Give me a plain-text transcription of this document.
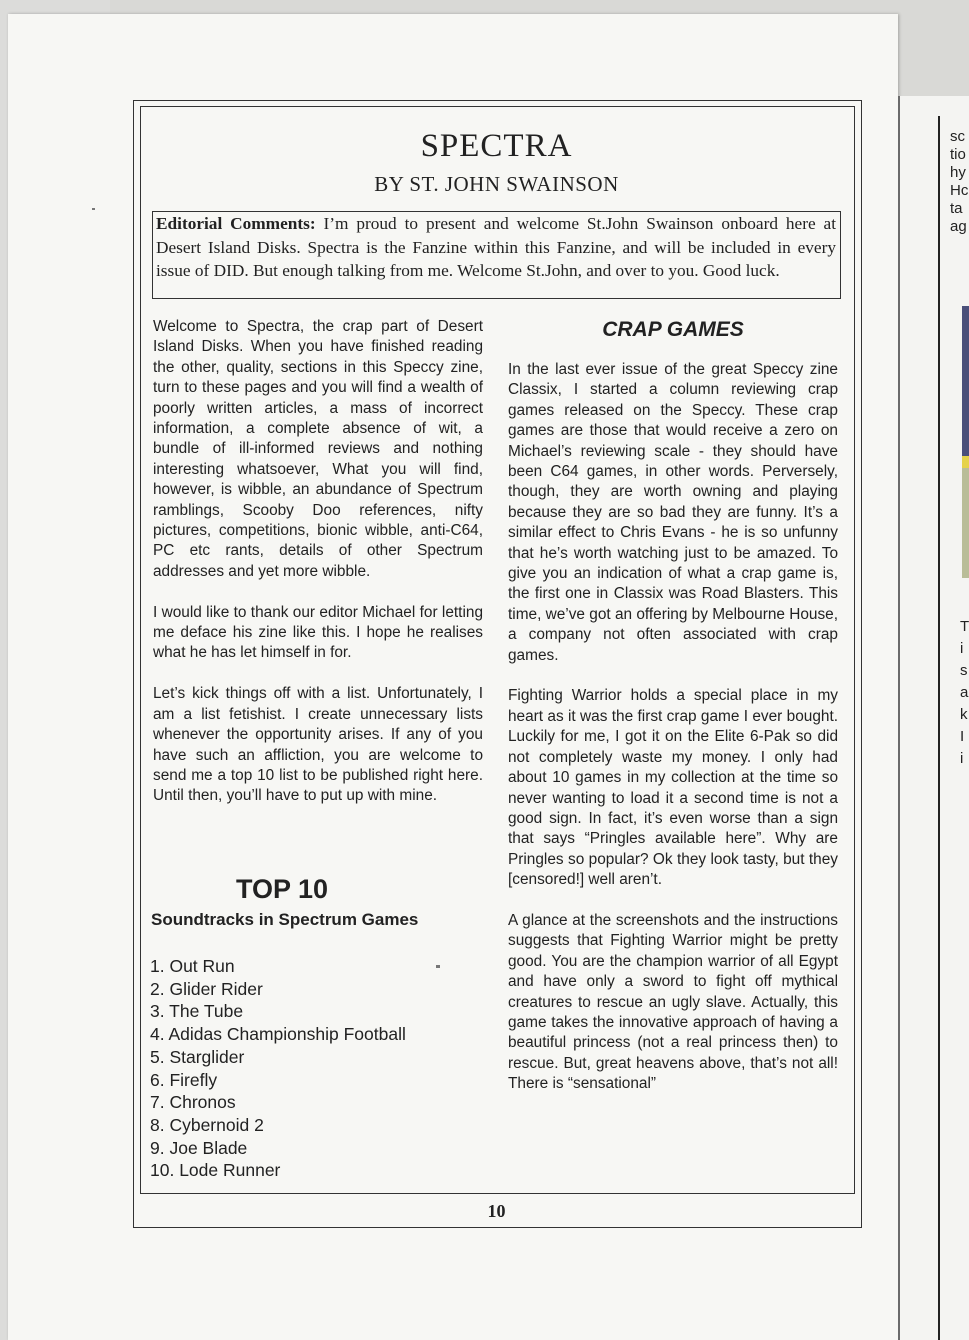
sc
tio
hy
Hc
ta
ag
T
i
s
a
k
I
i
SPECTRA
BY ST. JOHN SWAINSON
Editorial Comments: I’m proud to present and welcome St.John Swainson onboard here at Desert Island Disks. Spectra is the Fanzine within this Fanzine, and will be included in every issue of DID. But enough talking from me. Welcome St.John, and over to you. Good luck.

Welcome to Spectra, the crap part of Desert Island Disks. When you have finished reading the other, quality, sections in this Speccy zine, turn to these pages and you will find a wealth of poorly written articles, a mass of incorrect information, a complete absence of wit, a bundle of ill-informed reviews and nothing interesting whatsoever, What you will find, however, is wibble, an abundance of Spectrum ramblings, Scooby Doo references, nifty pictures, competitions, bionic wibble, anti-C64, PC etc rants, details of other Spectrum addresses and yet more wibble.

I would like to thank our editor Michael for letting me deface his zine like this. I hope he realises what he has let himself in for.

Let’s kick things off with a list. Unfortunately, I am a list fetishist. I create unnecessary lists whenever the opportunity arises. If any of you have such an affliction, you are welcome to send me a top 10 list to be published right here. Until then, you’ll have to put up with mine.

TOP 10
Soundtracks in Spectrum Games
1. Out Run
2. Glider Rider
3. The Tube
4. Adidas Championship Football
5. Starglider
6. Firefly
7. Chronos
8. Cybernoid 2
9. Joe Blade
10. Lode Runner
CRAP GAMES

In the last ever issue of the great Speccy zine Classix, I started a column reviewing crap games released on the Speccy. These crap games are those that would receive a zero on Michael’s reviewing scale - they should have been C64 games, in other words. Perversely, though, they are worth owning and playing because they are so bad they are funny. It’s a similar effect to Chris Evans - he is so unfunny that he’s worth watching just to be amazed. To give you an indication of what a crap game is, the first one in Classix was Road Blasters. This time, we’ve got an offering by Melbourne House, a company not often associated with crap games.

Fighting Warrior holds a special place in my heart as it was the first crap game I ever bought. Luckily for me, I got it on the Elite 6-Pak so did not completely waste my money. I only had about 10 games in my collection at the time so never wanting to load it a second time is not a good sign. In fact, it’s even worse than a sign that says “Pringles available here”. Why are Pringles so popular? Ok they look tasty, but they [censored!] well aren’t.

A glance at the screenshots and the instructions suggests that Fighting Warrior might be pretty good. You are the champion warrior of all Egypt and have only a sword to fight off mythical creatures to rescue an ugly slave. Actually, this game takes the innovative approach of having a beautiful princess (not a real princess then) to rescue. But, great heavens above, that’s not all! There is “sensational”

10
